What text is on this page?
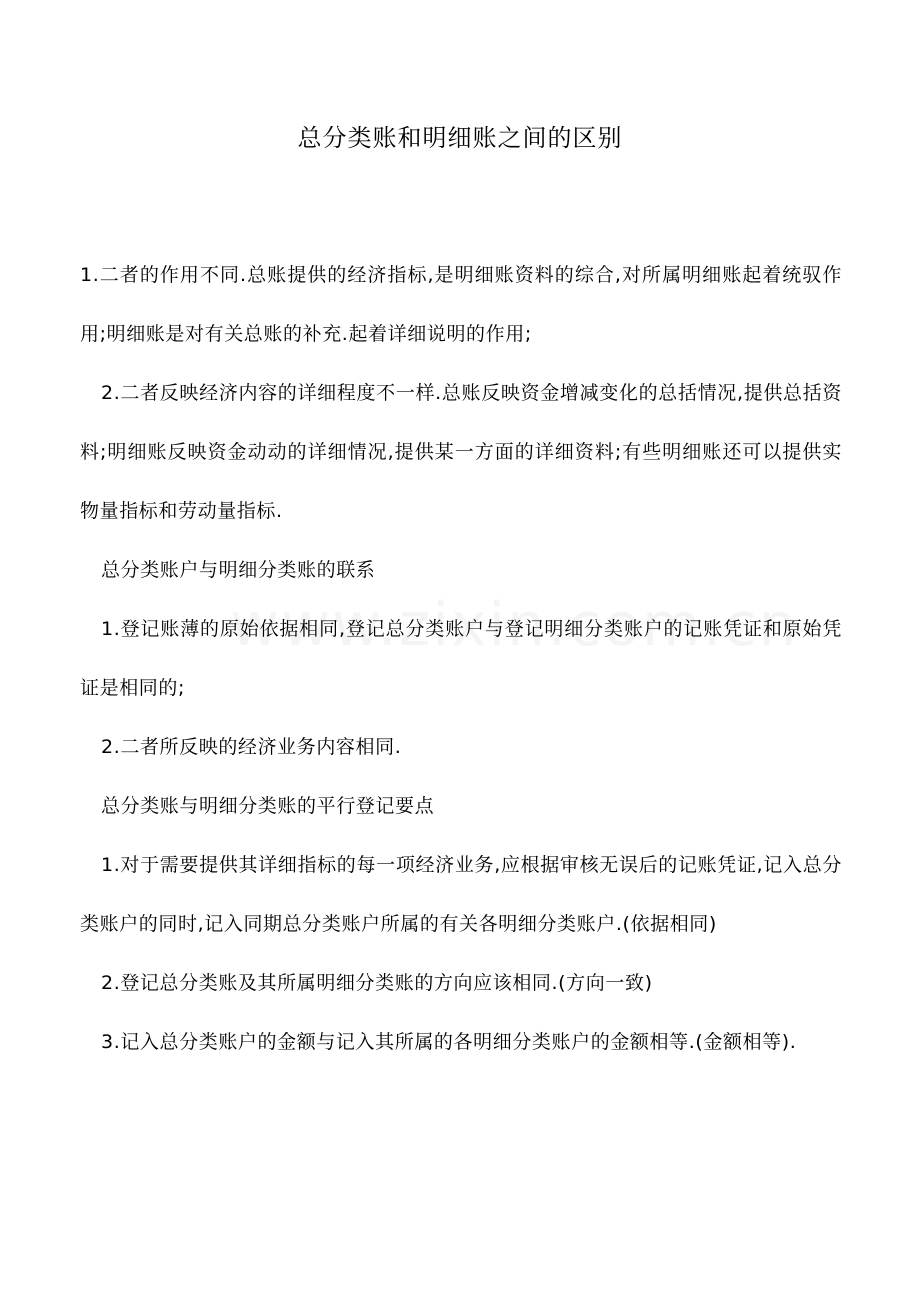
总分类账和明细账之间的区别

1.二者的作用不同.总账提供的经济指标,是明细账资料的综合,对所属明细账起着统驭作用;明细账是对有关总账的补充.起着详细说明的作用;

2.二者反映经济内容的详细程度不一样.总账反映资金增减变化的总括情况,提供总括资料;明细账反映资金动动的详细情况,提供某一方面的详细资料;有些明细账还可以提供实物量指标和劳动量指标.

总分类账户与明细分类账的联系

1.登记账薄的原始依据相同,登记总分类账户与登记明细分类账户的记账凭证和原始凭证是相同的;

2.二者所反映的经济业务内容相同.

总分类账与明细分类账的平行登记要点

1.对于需要提供其详细指标的每一项经济业务,应根据审核无误后的记账凭证,记入总分类账户的同时,记入同期总分类账户所属的有关各明细分类账户.(依据相同)

2.登记总分类账及其所属明细分类账的方向应该相同.(方向一致)

3.记入总分类账户的金额与记入其所属的各明细分类账户的金额相等.(金额相等).
